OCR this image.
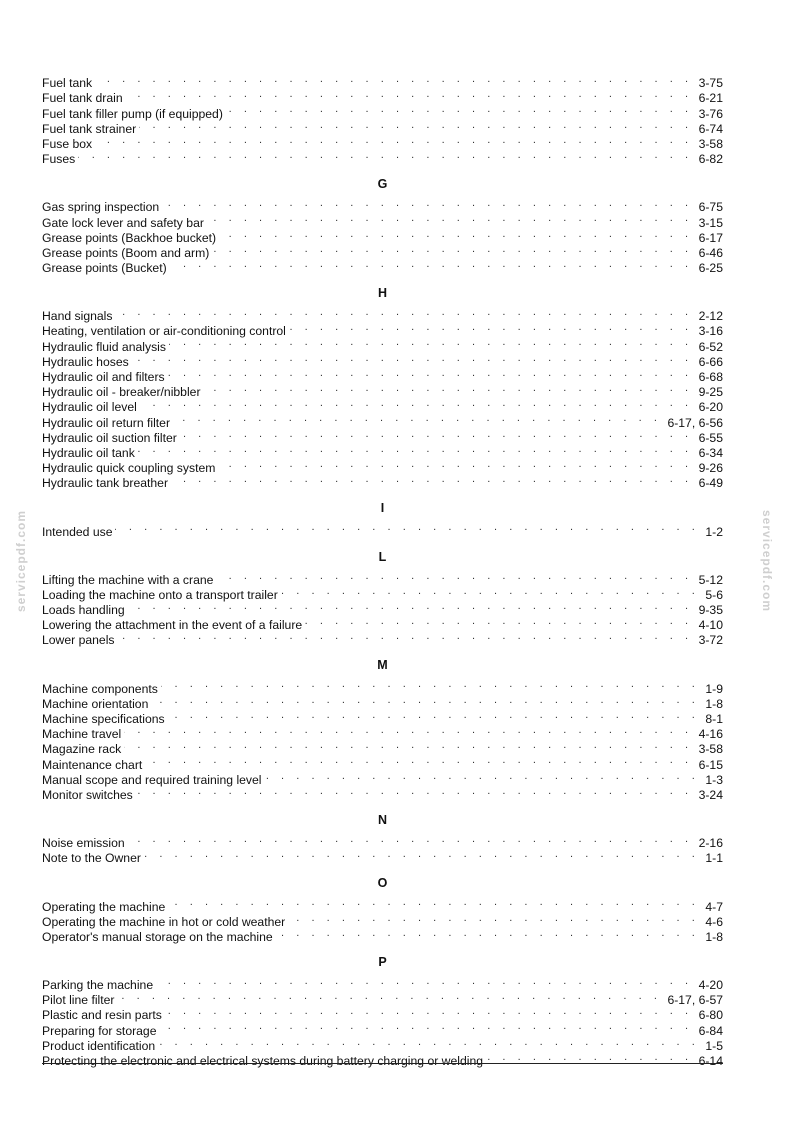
servicepdf.com	servicepdf.com
Fuel tank . . .	3-75
Fuel tank drain . . .	6-21
Fuel tank filler pump (if equipped) . . .	3-76
Fuel tank strainer . . .	6-74
Fuse box . . .	3-58
Fuses . . .	6-82
G
Gas spring inspection . . .	6-75
Gate lock lever and safety bar . . .	3-15
Grease points (Backhoe bucket) . . .	6-17
Grease points (Boom and arm) . . .	6-46
Grease points (Bucket) . . .	6-25
H
Hand signals . . .	2-12
Heating, ventilation or air-conditioning control . . .	3-16
Hydraulic fluid analysis . . .	6-52
Hydraulic hoses . . .	6-66
Hydraulic oil and filters . . .	6-68
Hydraulic oil - breaker/nibbler . . .	9-25
Hydraulic oil level . . .	6-20
Hydraulic oil return filter . . .	6-17, 6-56
Hydraulic oil suction filter . . .	6-55
Hydraulic oil tank . . .	6-34
Hydraulic quick coupling system . . .	9-26
Hydraulic tank breather . . .	6-49
I
Intended use . . .	1-2
L
Lifting the machine with a crane . . .	5-12
Loading the machine onto a transport trailer . . .	5-6
Loads handling . . .	9-35
Lowering the attachment in the event of a failure . . .	4-10
Lower panels . . .	3-72
M
Machine components . . .	1-9
Machine orientation . . .	1-8
Machine specifications . . .	8-1
Machine travel . . .	4-16
Magazine rack . . .	3-58
Maintenance chart . . .	6-15
Manual scope and required training level . . .	1-3
Monitor switches . . .	3-24
N
Noise emission . . .	2-16
Note to the Owner . . .	1-1
O
Operating the machine . . .	4-7
Operating the machine in hot or cold weather . . .	4-6
Operator's manual storage on the machine . . .	1-8
P
Parking the machine . . .	4-20
Pilot line filter . . .	6-17, 6-57
Plastic and resin parts . . .	6-80
Preparing for storage . . .	6-84
Product identification . . .	1-5
Protecting the electronic and electrical systems during battery charging or welding . . .	6-14
